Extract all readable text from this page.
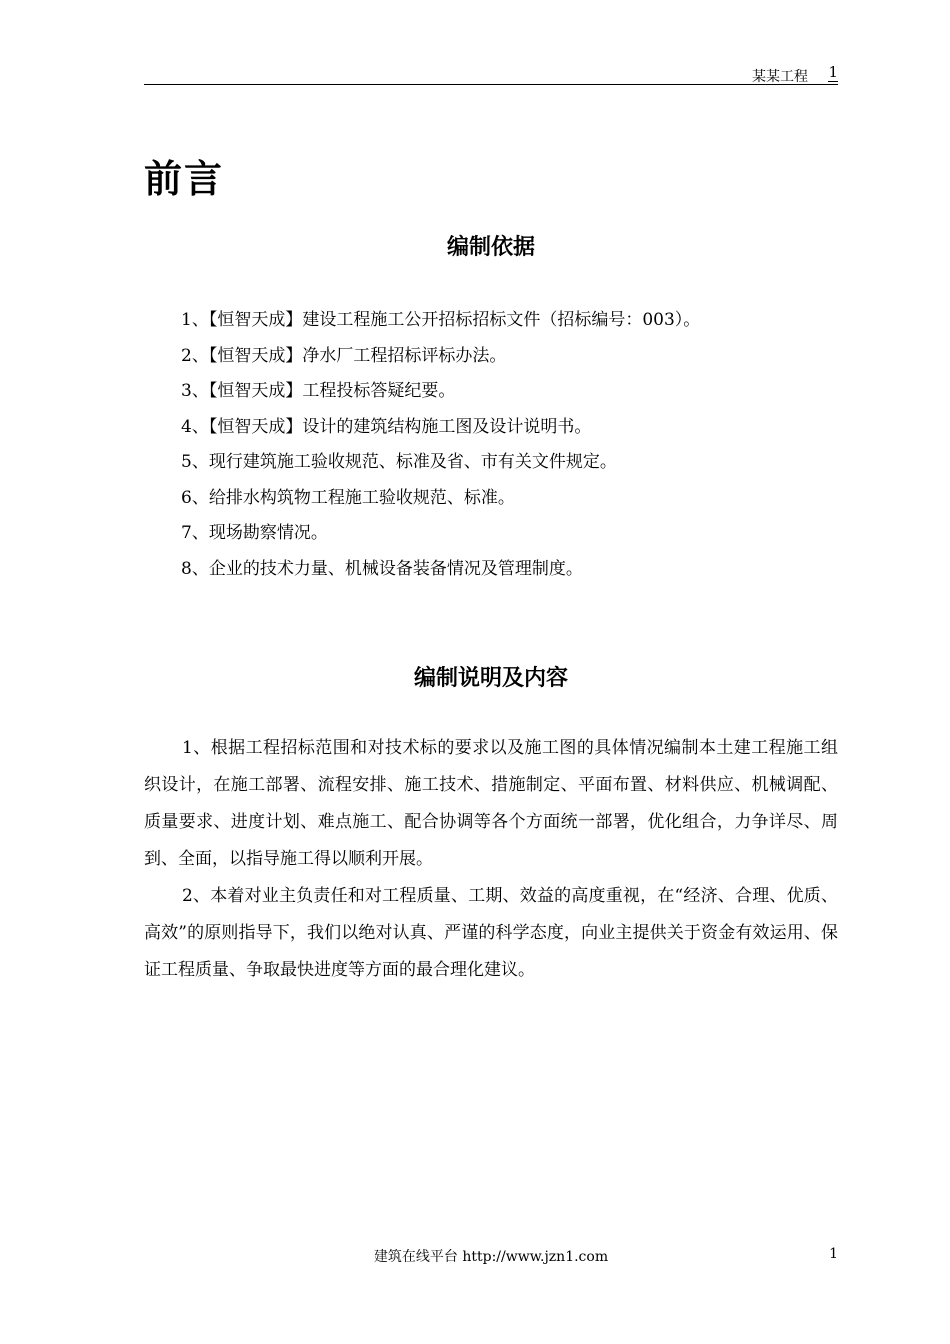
某某工程 1
前言
编制依据
1、【恒智天成】建设工程施工公开招标招标文件（招标编号：003）。
2、【恒智天成】净水厂工程招标评标办法。
3、【恒智天成】工程投标答疑纪要。
4、【恒智天成】设计的建筑结构施工图及设计说明书。
5、现行建筑施工验收规范、标准及省、市有关文件规定。
6、给排水构筑物工程施工验收规范、标准。
7、现场勘察情况。
8、企业的技术力量、机械设备装备情况及管理制度。
编制说明及内容

1、根据工程招标范围和对技术标的要求以及施工图的具体情况编制本土建工程施工组织设计，在施工部署、流程安排、施工技术、措施制定、平面布置、材料供应、机械调配、质量要求、进度计划、难点施工、配合协调等各个方面统一部署，优化组合，力争详尽、周到、全面，以指导施工得以顺利开展。

2、本着对业主负责任和对工程质量、工期、效益的高度重视，在“经济、合理、优质、高效”的原则指导下，我们以绝对认真、严谨的科学态度，向业主提供关于资金有效运用、保证工程质量、争取最快进度等方面的最合理化建议。

建筑在线平台 http://www.jzn1.com	1
